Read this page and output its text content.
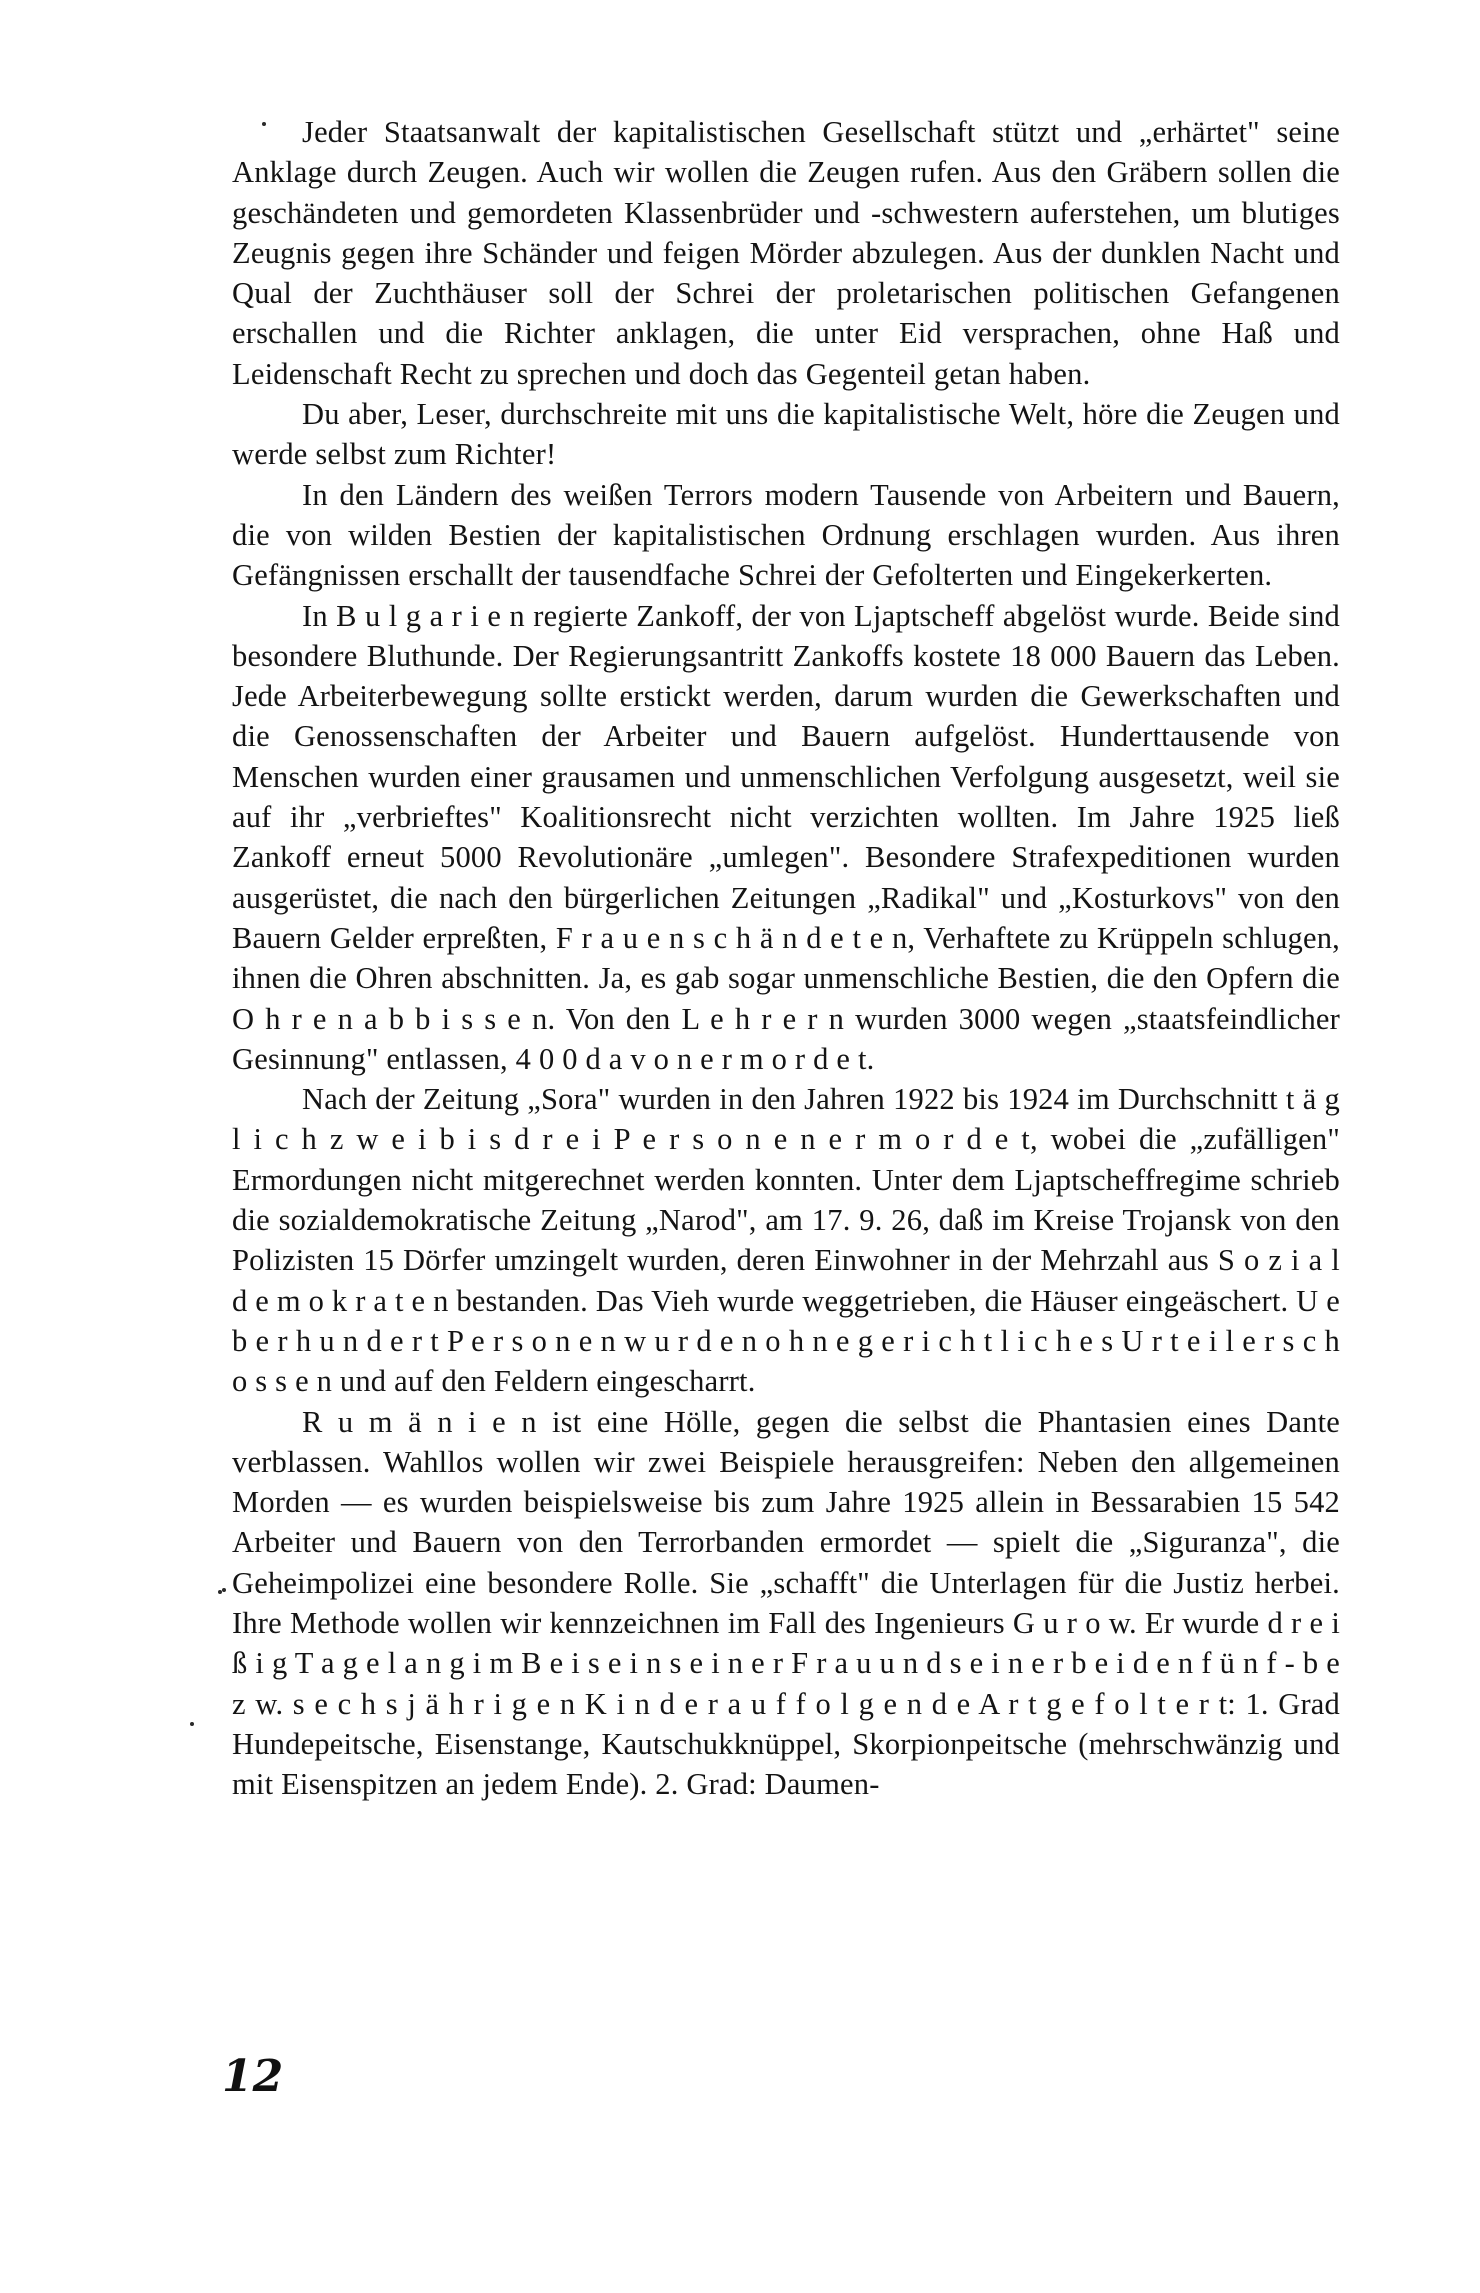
Jeder Staatsanwalt der kapitalistischen Gesellschaft stützt und „erhärtet" seine Anklage durch Zeugen. Auch wir wollen die Zeugen rufen. Aus den Gräbern sollen die geschändeten und gemordeten Klassenbrüder und -schwestern auferstehen, um blutiges Zeugnis gegen ihre Schänder und feigen Mörder abzulegen. Aus der dunklen Nacht und Qual der Zuchthäuser soll der Schrei der proletarischen politischen Gefangenen erschallen und die Richter anklagen, die unter Eid versprachen, ohne Haß und Leidenschaft Recht zu sprechen und doch das Gegenteil getan haben.

Du aber, Leser, durchschreite mit uns die kapitalistische Welt, höre die Zeugen und werde selbst zum Richter!

In den Ländern des weißen Terrors modern Tausende von Arbeitern und Bauern, die von wilden Bestien der kapitalistischen Ordnung erschlagen wurden. Aus ihren Gefängnissen erschallt der tausendfache Schrei der Gefolterten und Eingekerkerten.

In B u l g a r i e n regierte Zankoff, der von Ljaptscheff abgelöst wurde. Beide sind besondere Bluthunde. Der Regierungsantritt Zankoffs kostete 18 000 Bauern das Leben. Jede Arbeiterbewegung sollte erstickt werden, darum wurden die Gewerkschaften und die Genossenschaften der Arbeiter und Bauern aufgelöst. Hunderttausende von Menschen wurden einer grausamen und unmenschlichen Verfolgung ausgesetzt, weil sie auf ihr „verbrieftes" Koalitionsrecht nicht verzichten wollten. Im Jahre 1925 ließ Zankoff erneut 5000 Revolutionäre „umlegen". Besondere Strafexpeditionen wurden ausgerüstet, die nach den bürgerlichen Zeitungen „Radikal" und „Kosturkovs" von den Bauern Gelder erpreßten, F r a u e n s c h ä n d e t e n, Verhaftete zu Krüppeln schlugen, ihnen die Ohren abschnitten. Ja, es gab sogar unmenschliche Bestien, die den Opfern die O h r e n a b b i s s e n. Von den L e h r e r n wurden 3000 wegen „staatsfeindlicher Gesinnung" entlassen, 4 0 0 d a v o n e r m o r d e t.

Nach der Zeitung „Sora" wurden in den Jahren 1922 bis 1924 im Durchschnitt t ä g l i c h z w e i b i s d r e i P e r s o n e n e r m o r d e t, wobei die „zufälligen" Ermordungen nicht mitgerechnet werden konnten. Unter dem Ljaptscheffregime schrieb die sozialdemokratische Zeitung „Narod", am 17. 9. 26, daß im Kreise Trojansk von den Polizisten 15 Dörfer umzingelt wurden, deren Einwohner in der Mehrzahl aus S o z i a l d e m o k r a t e n bestanden. Das Vieh wurde weggetrieben, die Häuser eingeäschert. U e b e r h u n d e r t P e r s o n e n w u r d e n o h n e g e r i c h t l i c h e s U r t e i l e r s c h o s s e n und auf den Feldern eingescharrt.

R u m ä n i e n ist eine Hölle, gegen die selbst die Phantasien eines Dante verblassen. Wahllos wollen wir zwei Beispiele herausgreifen: Neben den allgemeinen Morden — es wurden beispielsweise bis zum Jahre 1925 allein in Bessarabien 15 542 Arbeiter und Bauern von den Terrorbanden ermordet — spielt die „Siguranza", die Geheimpolizei eine besondere Rolle. Sie „schafft" die Unterlagen für die Justiz herbei. Ihre Methode wollen wir kennzeichnen im Fall des Ingenieurs G u r o w. Er wurde d r e i ß i g T a g e l a n g i m B e i s e i n s e i n e r F r a u u n d s e i n e r b e i d e n f ü n f - b e z w. s e c h s j ä h r i g e n K i n d e r a u f f o l g e n d e A r t g e f o l t e r t: 1. Grad Hundepeitsche, Eisenstange, Kautschukknüppel, Skorpionpeitsche (mehrschwänzig und mit Eisenspitzen an jedem Ende). 2. Grad: Daumen-

12
